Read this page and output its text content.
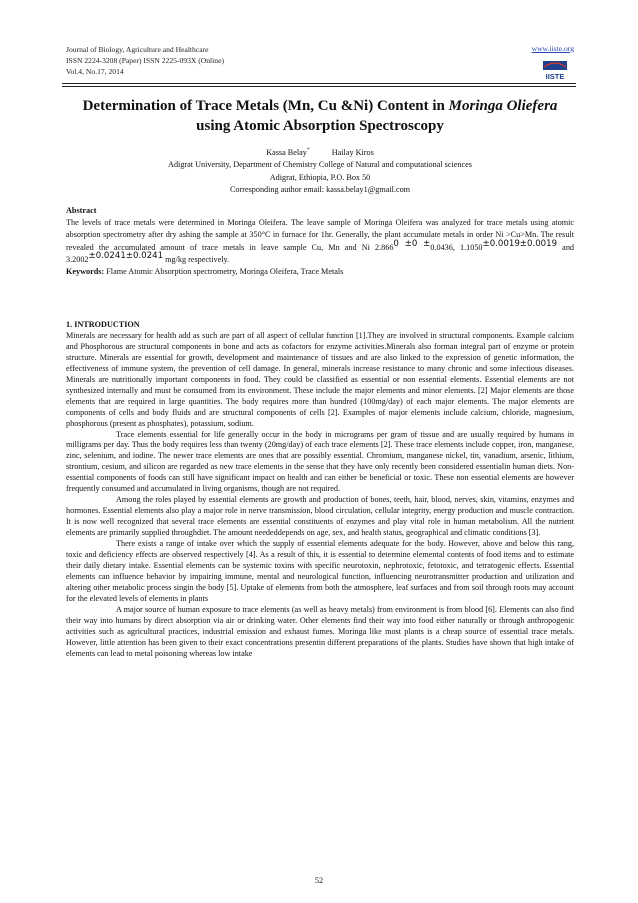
Journal of Biology, Agriculture and Healthcare
ISSN 2224-3208 (Paper) ISSN 2225-093X (Online)
Vol.4, No.17, 2014
www.iiste.org
IISTE
Determination of Trace Metals (Mn, Cu &Ni) Content in Moringa Oliefera using Atomic Absorption Spectroscopy
Kassa Belay*	Hailay Kiros
Adigrat University, Department of Chemistry College of Natural and computational sciences
Adigrat, Ethiopia, P.O. Box 50
Corresponding author email: kassa.belay1@gmail.com
Abstract
The levels of trace metals were determined in Moringa Oleifera. The leave sample of Moringa Oleifera was analyzed for trace metals using atomic absorption spectrometry after dry ashing the sample at 350°C in furnace for 1hr. Generally, the plant accumulate metals in order Ni >Cu>Mn. The result revealed the accumulated amount of trace metals in leave sample Cu, Mn and Ni 2.8660 ±0 ±0.0436, 1.1050±0.0019±0.0019 and 3.2002±0.0241±0.0241 mg/kg respectively.
Keywords: Flame Atomic Absorption spectrometry, Moringa Oleifera, Trace Metals
1. INTRODUCTION

Minerals are necessary for health add as such are part of all aspect of cellular function [1].They are involved in structural components. Example calcium and Phosphorous are structural components in bone and acts as cofactors for enzyme activities.Minerals also forman integral part of enzyme or protein structure. Minerals are essential for growth, development and maintenance of tissues and are also linked to the expression of genetic information, the effectiveness of immune system, the prevention of cell damage. In general, minerals increase resistance to many chronic and some infectious diseases. Minerals are nutritionally important components in food. They could be classified as essential or non essential elements. Essential elements are not synthesized internally and must be consumed from its environment. These include the major elements and minor elements. [2] Major elements are those elements that are required in large quantities. The body requires more than hundred (100mg/day) of each major elements. The major elements are components of cells and body fluids and are structural components of cells [2]. Examples of major elements include calcium, chloride, magnesium, phosphorous (present as phosphates), potassium, sodium.

Trace elements essential for life generally occur in the body in micrograms per gram of tissue and are usually required by humans in milligrams per day. Thus the body requires less than twenty (20mg/day) of each trace elements [2]. These trace elements include copper, iron, manganese, zinc, selenium, and iodine. The newer trace elements are ones that are possibly essential. Chromium, manganese nickel, tin, vanadium, arsenic, lithium, strontium, cesium, and silicon are regarded as new trace elements in the sense that they have only recently been considered essentialin human diets. Non-essential components of foods can still have significant impact on health and can either be beneficial or toxic. These non essential elements are however frequently consumed and accumulated in living organisms, though are not required.

Among the roles played by essential elements are growth and production of bones, teeth, hair, blood, nerves, skin, vitamins, enzymes and hormones. Essential elements also play a major role in nerve transmission, blood circulation, cellular integrity, energy production and muscle contraction. It is now well recognized that several trace elements are essential constituents of enzymes and play vital role in human metabolism. All the nutrient elements are primarily supplied throughdiet. The amount neededdepends on age, sex, and health status, geographical and climatic conditions [3].

There exists a range of intake over which the supply of essential elements adequate for the body. However, above and below this rang, toxic and deficiency effects are observed respectively [4]. As a result of this, it is essential to determine elemental contents of food items and to estimate their daily dietary intake. Essential elements can be systemic toxins with specific neurotoxin, nephrotoxic, fetotoxic, and tetratogenic effects. Essential elements can influence behavior by impairing immune, mental and neurological function, influencing neurotransmitter production and utilization and altering other metabolic process singin the body [5]. Uptake of elements from both the atmosphere, leaf surfaces and from soil through roots may account for the elevated levels of elements in plants

A major source of human exposure to trace elements (as well as heavy metals) from environment is from blood [6]. Elements can also find their way into humans by direct absorption via air or drinking water. Other elements find their way into food either naturally or through anthropogenic activities such as agricultural practices, industrial emission and exhaust fumes. Moringa like most plants is a cheap source of essential trace metals. However, little attention has been given to their exact concentrations presentin different preparations of the plants. Studies have shown that high intake of elements can lead to metal poisoning whereas low intake

52
